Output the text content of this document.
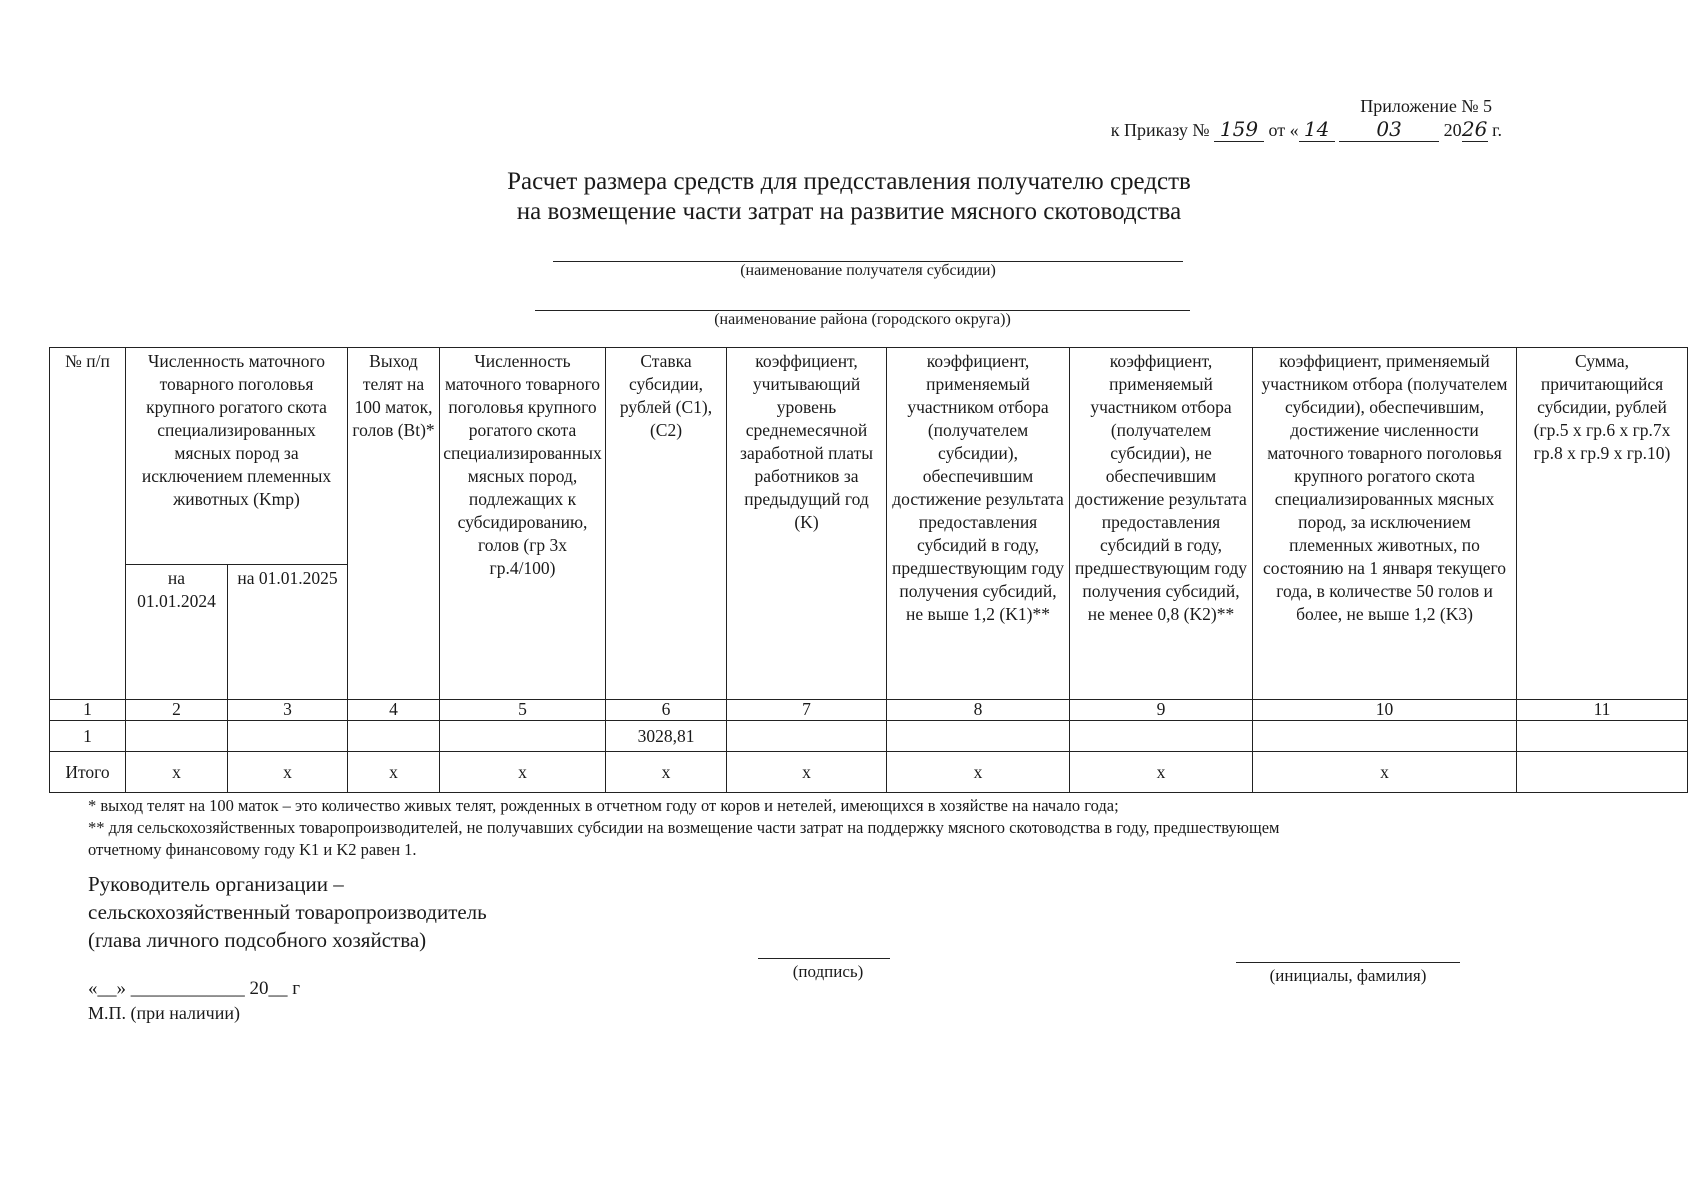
Приложение № 5
к Приказу № 159 от « 14 03 2026 г.
Расчет размера средств для предсставления получателю средств
на возмещение части затрат на развитие мясного скотоводства
(наименование получателя субсидии)
(наименование района (городского округа))
№ п/п	Численность маточного товарного поголовья крупного рогатого скота специализированных мясных пород за исключением племенных животных (Kmp)		Выход телят на 100 маток, голов (Bt)*	Численность маточного товарного поголовья крупного рогатого скота специализированных мясных пород, подлежащих к субсидированию, голов (гр 3x гр.4/100)	Ставка субсидии, рублей (C1), (C2)	коэффициент, учитывающий уровень среднемесячной заработной платы работников за предыдущий год (K)	коэффициент, применяемый участником отбора (получателем субсидии), обеспечившим достижение результата предоставления субсидий в году, предшествующим году получения субсидий, не выше 1,2 (K1)**	коэффициент, применяемый участником отбора (получателем субсидии), не обеспечившим достижение результата предоставления субсидий в году, предшествующим году получения субсидий, не менее 0,8 (K2)**	коэффициент, применяемый участником отбора (получателем субсидии), обеспечившим, достижение численности маточного товарного поголовья крупного рогатого скота специализированных мясных пород, за исключением племенных животных, по состоянию на 1 января текущего года, в количестве 50 голов и более, не выше 1,2 (K3)	Сумма, причитающийся субсидии, рублей (гр.5 x гр.6 x гр.7x гр.8 x гр.9 x гр.10)
	на 01.01.2024	на 01.01.2025								
1	2	3	4	5	6	7	8	9	10	11
1					3028,81					
Итого	x	x	x	x	x	x	x	x	x	
* выход телят на 100 маток – это количество живых телят, рожденных в отчетном году от коров и нетелей, имеющихся в хозяйстве на начало года;
** для сельскохозяйственных товаропроизводителей, не получавших субсидии на возмещение части затрат на поддержку мясного скотоводства в году, предшествующем
отчетному финансовому году K1 и K2 равен 1.
Руководитель организации –
сельскохозяйственный товаропроизводитель
(глава личного подсобного хозяйства)
(подпись)	(инициалы, фамилия)
«__» ____________ 20__ г
М.П. (при наличии)
